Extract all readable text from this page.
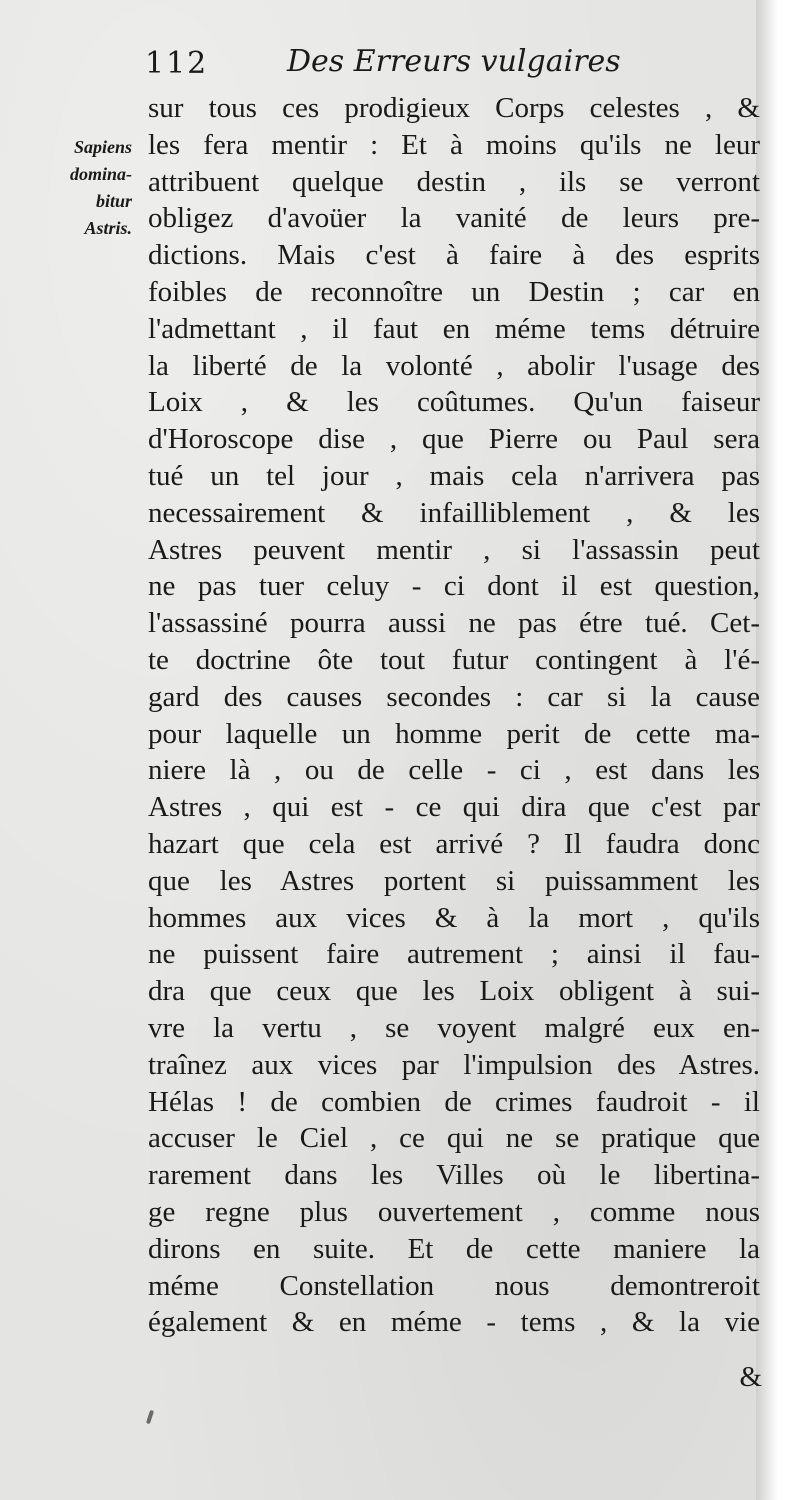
112	Des Erreurs vulgaires
Sapiens
domina-
bitur
Astris.
sur tous ces prodigieux Corps celestes , &
les fera mentir : Et à moins qu'ils ne leur
attribuent quelque destin , ils se verront
obligez d'avoüer la vanité de leurs pre-
dictions. Mais c'est à faire à des esprits
foibles de reconnoître un Destin ; car en
l'admettant , il faut en méme tems détruire
la liberté de la volonté , abolir l'usage des
Loix , & les coûtumes. Qu'un faiseur
d'Horoscope dise , que Pierre ou Paul sera
tué un tel jour , mais cela n'arrivera pas
necessairement & infailliblement , & les
Astres peuvent mentir , si l'assassin peut
ne pas tuer celuy - ci dont il est question,
l'assassiné pourra aussi ne pas étre tué. Cet-
te doctrine ôte tout futur contingent à l'é-
gard des causes secondes : car si la cause
pour laquelle un homme perit de cette ma-
niere là , ou de celle - ci , est dans les
Astres , qui est - ce qui dira que c'est par
hazart que cela est arrivé ? Il faudra donc
que les Astres portent si puissamment les
hommes aux vices & à la mort , qu'ils
ne puissent faire autrement ; ainsi il fau-
dra que ceux que les Loix obligent à sui-
vre la vertu , se voyent malgré eux en-
traînez aux vices par l'impulsion des Astres.
Hélas ! de combien de crimes faudroit - il
accuser le Ciel , ce qui ne se pratique que
rarement dans les Villes où le libertina-
ge regne plus ouvertement , comme nous
dirons en suite. Et de cette maniere la
méme Constellation nous demontreroit
également & en méme - tems , & la vie
&
